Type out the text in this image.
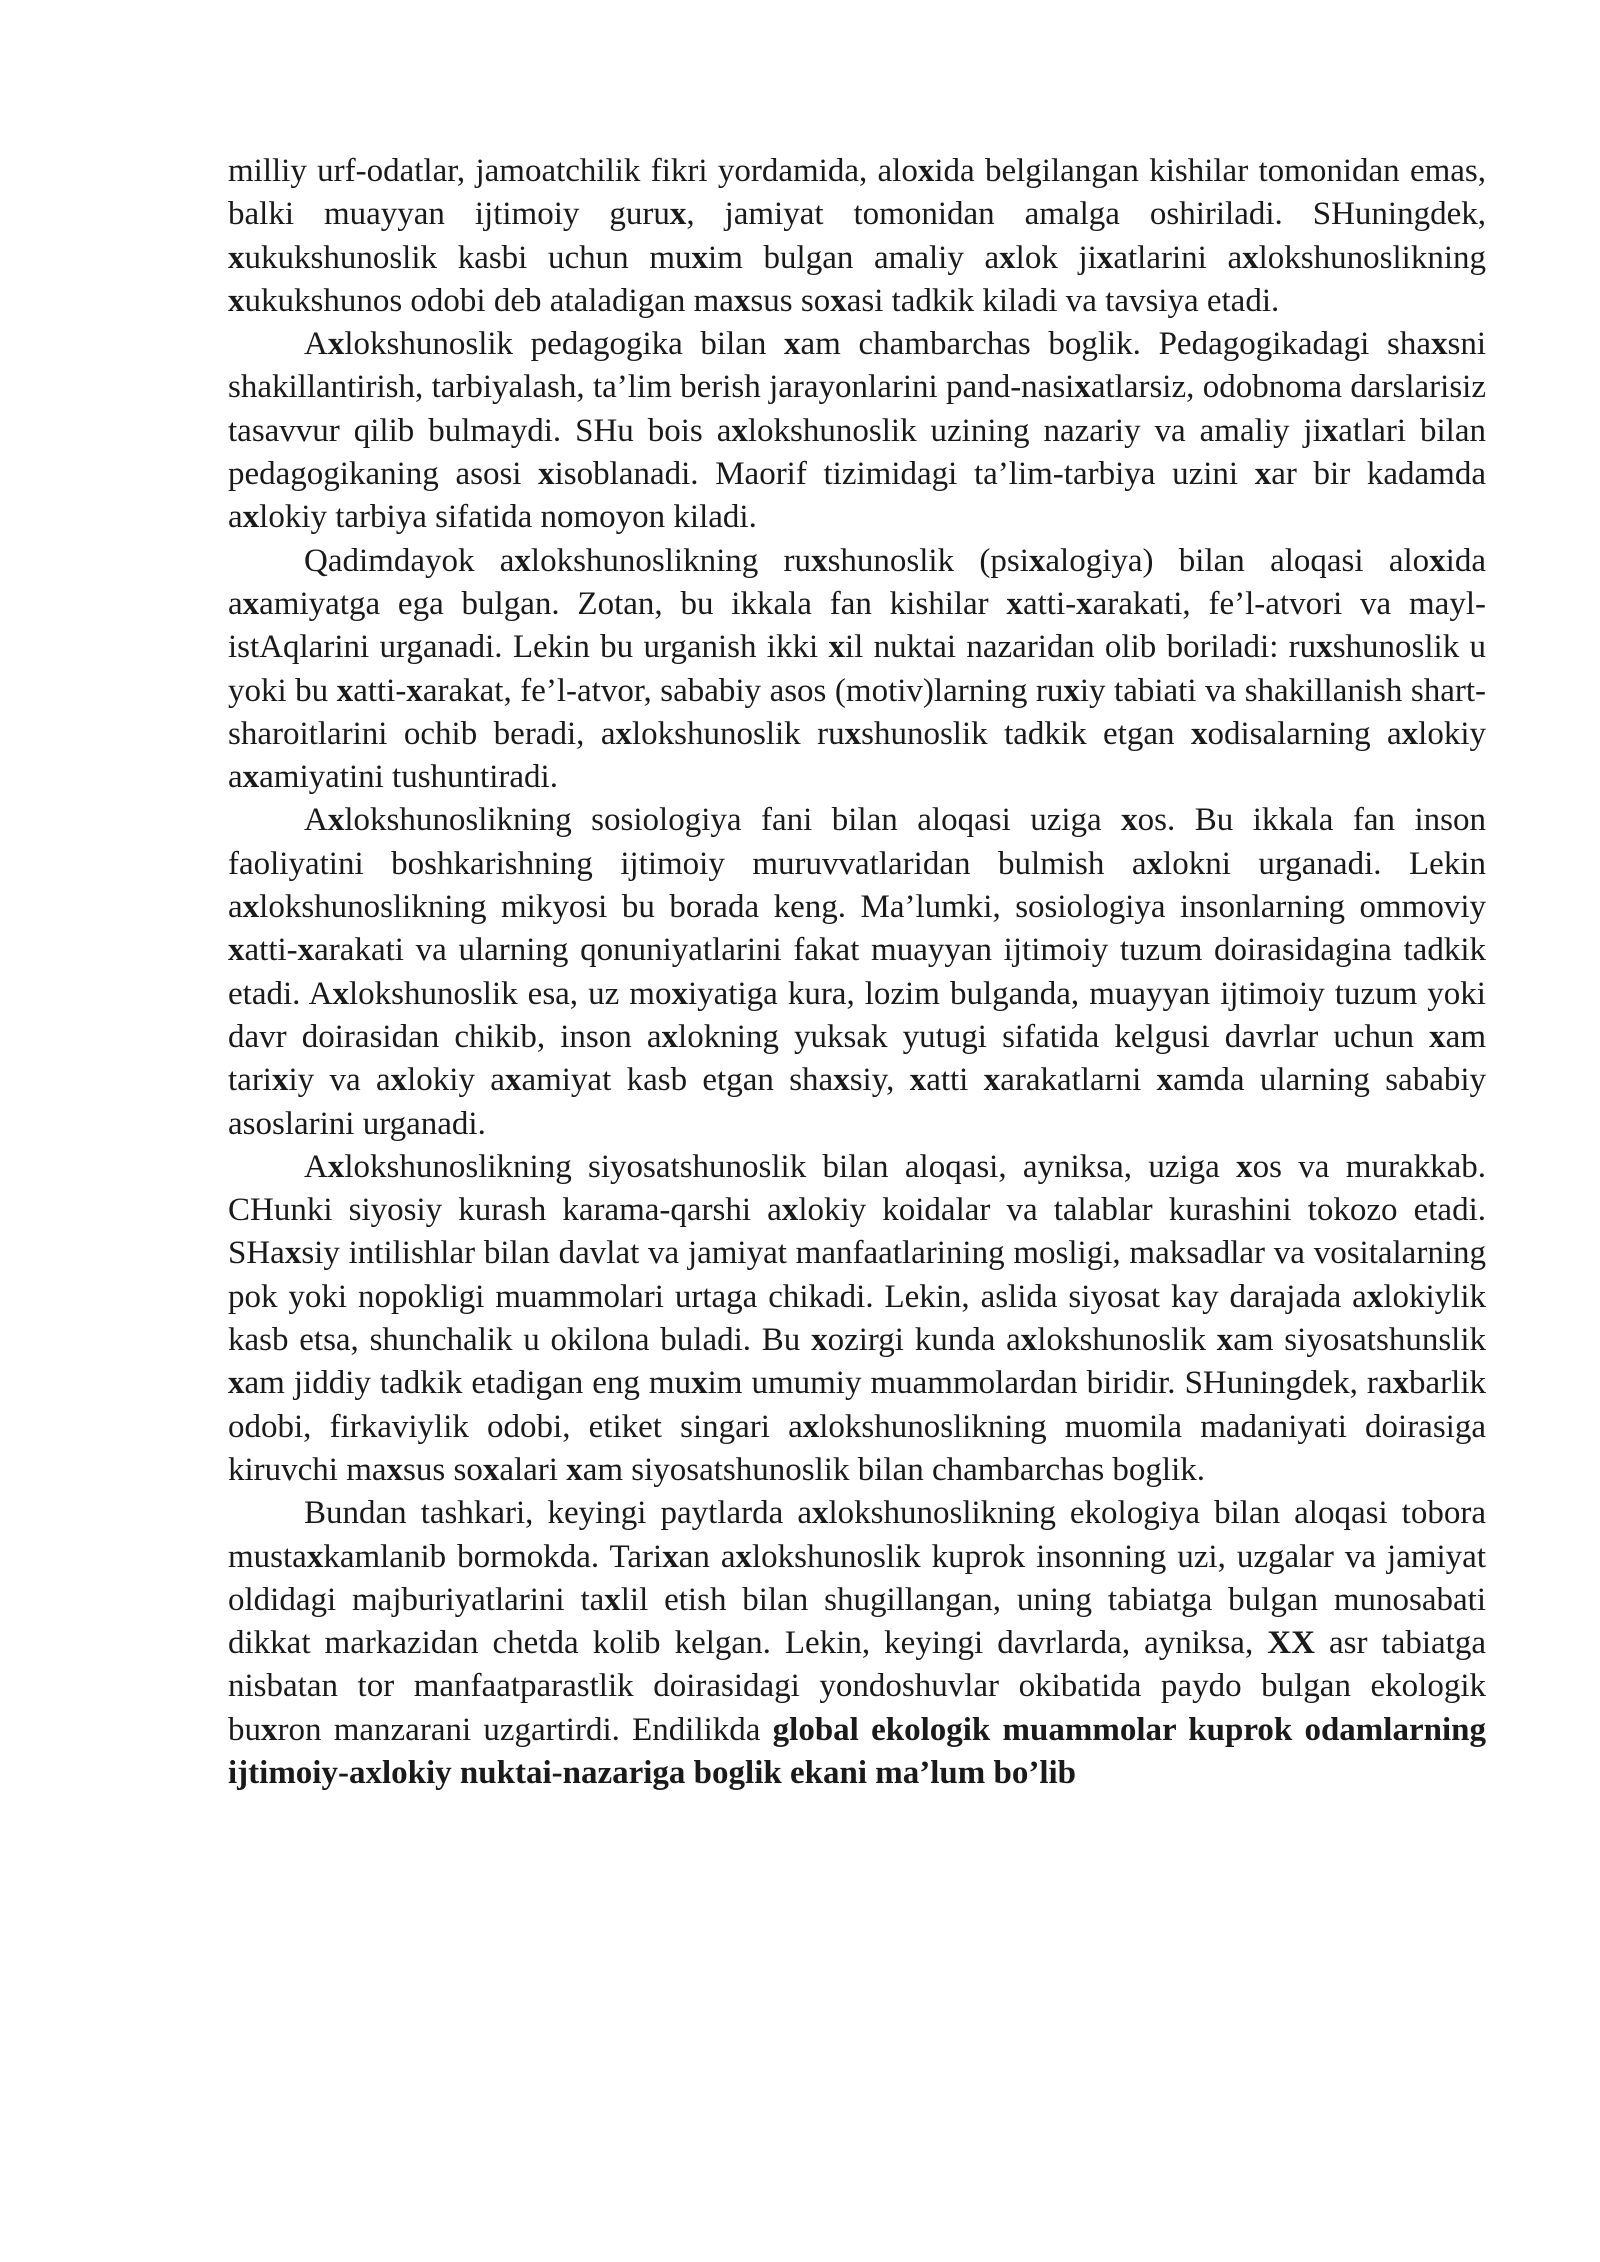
milliy urf-odatlar, jamoatchilik fikri yordamida, aloxida belgilangan kishilar tomonidan emas, balki muayyan ijtimoiy gurux, jamiyat tomonidan amalga oshiriladi. SHuningdek, xukukshunoslik kasbi uchun muxim bulgan amaliy axlok jixatlarini axlokshunoslikning xukukshunos odobi deb ataladigan maxsus soxasi tadkik kiladi va tavsiya etadi.

Axlokshunoslik pedagogika bilan xam chambarchas boglik. Pedagogikadagi shaxsni shakillantirish, tarbiyalash, ta’lim berish jarayonlarini pand-nasixatlarsiz, odobnoma darslarisiz tasavvur qilib bulmaydi. SHu bois axlokshunoslik uzining nazariy va amaliy jixatlari bilan pedagogikaning asosi xisoblanadi. Maorif tizimidagi ta’lim-tarbiya uzini xar bir kadamda axlokiy tarbiya sifatida nomoyon kiladi.

Qadimdayok axlokshunoslikning ruxshunoslik (psixalogiya) bilan aloqasi aloxida axamiyatga ega bulgan. Zotan, bu ikkala fan kishilar xatti-xarakati, fe’l-atvori va mayl-istAqlarini urganadi. Lekin bu urganish ikki xil nuktai nazaridan olib boriladi: ruxshunoslik u yoki bu xatti-xarakat, fe’l-atvor, sababiy asos (motiv)larning ruxiy tabiati va shakillanish shart-sharoitlarini ochib beradi, axlokshunoslik ruxshunoslik tadkik etgan xodisalarning axlokiy axamiyatini tushuntiradi.

Axlokshunoslikning sosiologiya fani bilan aloqasi uziga xos. Bu ikkala fan inson faoliyatini boshkarishning ijtimoiy muruvvatlaridan bulmish axlokni urganadi. Lekin axlokshunoslikning mikyosi bu borada keng. Ma’lumki, sosiologiya insonlarning ommoviy xatti-xarakati va ularning qonuniyatlarini fakat muayyan ijtimoiy tuzum doirasidagina tadkik etadi. Axlokshunoslik esa, uz moxiyatiga kura, lozim bulganda, muayyan ijtimoiy tuzum yoki davr doirasidan chikib, inson axlokning yuksak yutugi sifatida kelgusi davrlar uchun xam tarixiy va axlokiy axamiyat kasb etgan shaxsiy, xatti xarakatlarni xamda ularning sababiy asoslarini urganadi.

Axlokshunoslikning siyosatshunoslik bilan aloqasi, ayniksa, uziga xos va murakkab. CHunki siyosiy kurash karama-qarshi axlokiy koidalar va talablar kurashini tokozo etadi. SHaxsiy intilishlar bilan davlat va jamiyat manfaatlarining mosligi, maksadlar va vositalarning pok yoki nopokligi muammolari urtaga chikadi. Lekin, aslida siyosat kay darajada axlokiylik kasb etsa, shunchalik u okilona buladi. Bu xozirgi kunda axlokshunoslik xam siyosatshunslik xam jiddiy tadkik etadigan eng muxim umumiy muammolardan biridir. SHuningdek, raxbarlik odobi, firkaviylik odobi, etiket singari axlokshunoslikning muomila madaniyati doirasiga kiruvchi maxsus soxalari xam siyosatshunoslik bilan chambarchas boglik.

Bundan tashkari, keyingi paytlarda axlokshunoslikning ekologiya bilan aloqasi tobora mustaxkamlanib bormokda. Tarixan axlokshunoslik kuprok insonning uzi, uzgalar va jamiyat oldidagi majburiyatlarini taxlil etish bilan shugillangan, uning tabiatga bulgan munosabati dikkat markazidan chetda kolib kelgan. Lekin, keyingi davrlarda, ayniksa, XX asr tabiatga nisbatan tor manfaatparastlik doirasidagi yondoshuvlar okibatida paydo bulgan ekologik buxron manzarani uzgartirdi. Endilikda global ekologik muammolar kuprok odamlarning ijtimoiy-axlokiy nuktai-nazariga boglik ekani ma’lum bo’lib
